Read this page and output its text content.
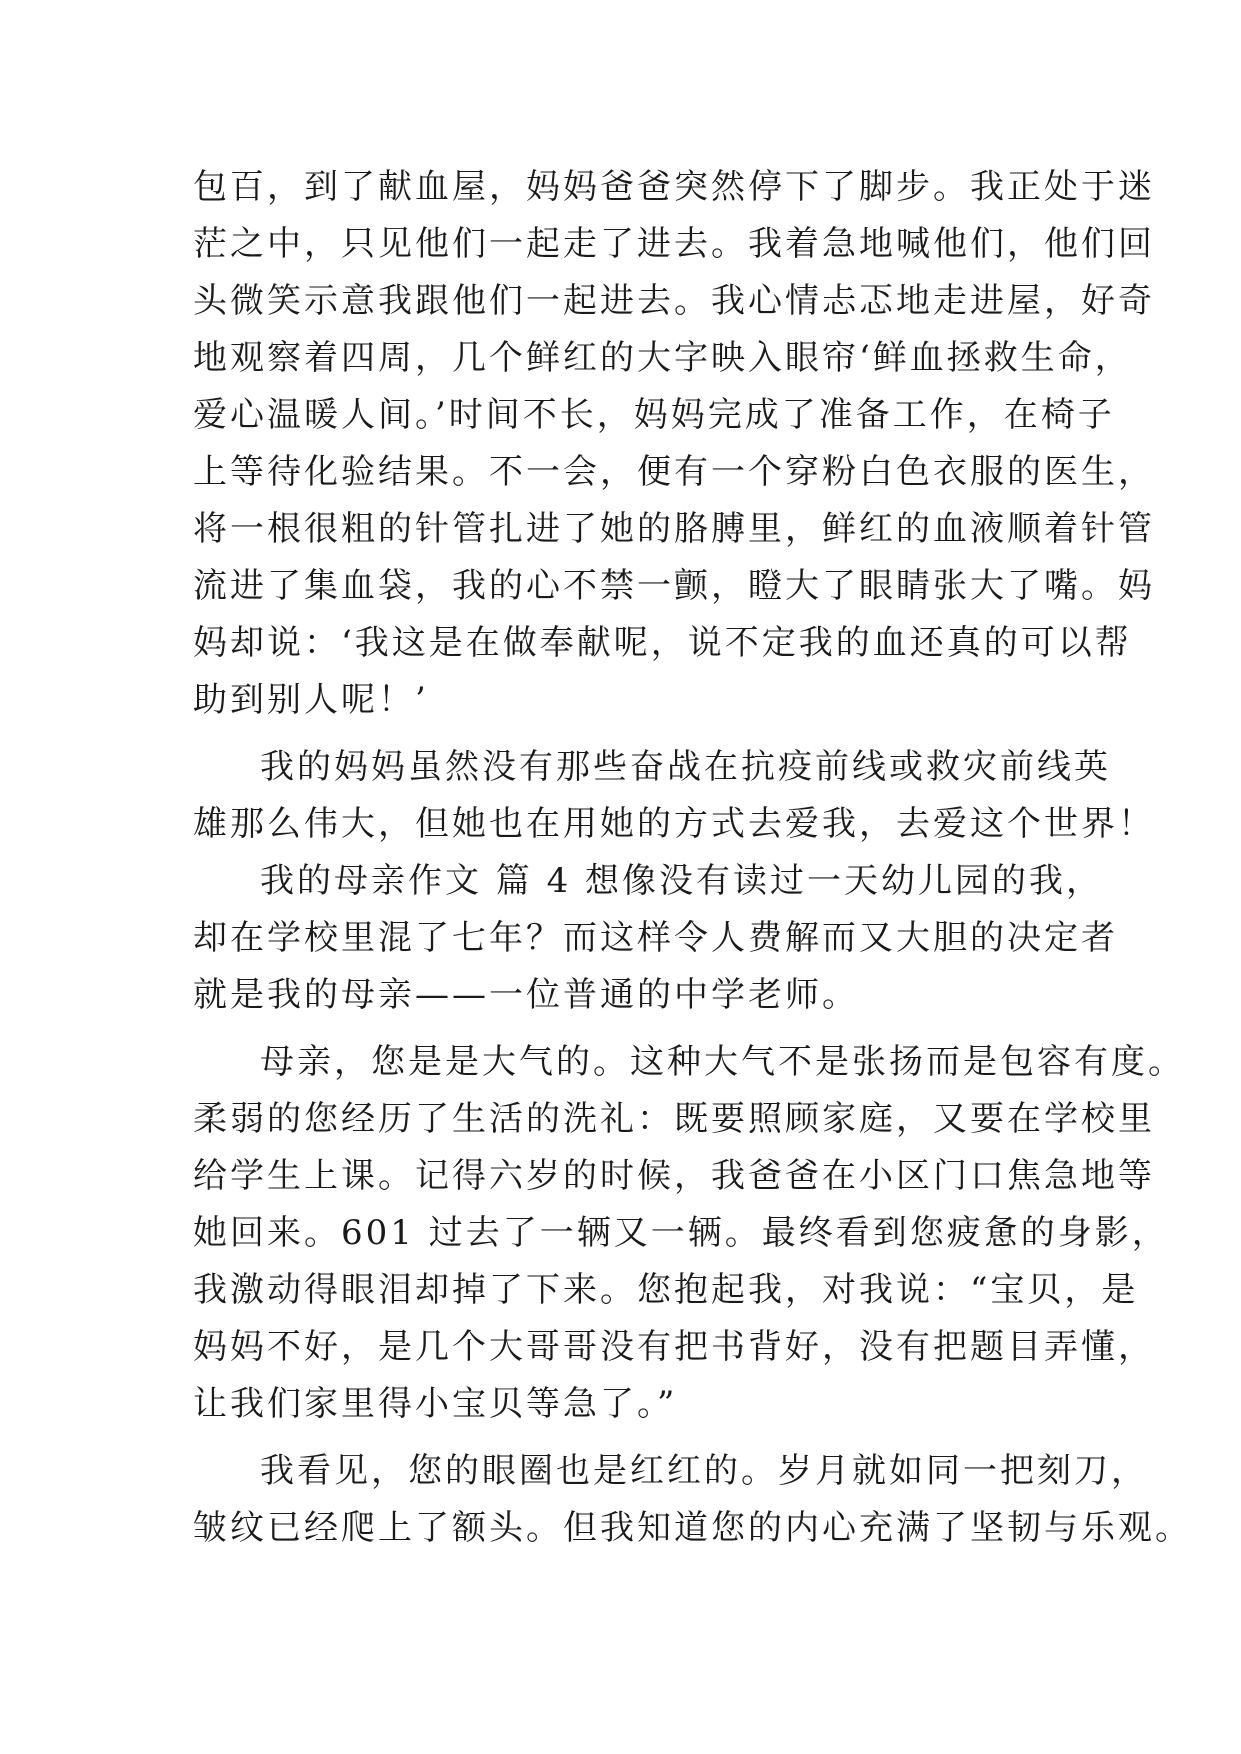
包百，到了献血屋，妈妈爸爸突然停下了脚步。我正处于迷
茫之中，只见他们一起走了进去。我着急地喊他们，他们回
头微笑示意我跟他们一起进去。我心情忐忑地走进屋，好奇
地观察着四周，几个鲜红的大字映入眼帘‘鲜血拯救生命，
爱心温暖人间。’时间不长，妈妈完成了准备工作，在椅子
上等待化验结果。不一会，便有一个穿粉白色衣服的医生，
将一根很粗的针管扎进了她的胳膊里，鲜红的血液顺着针管
流进了集血袋，我的心不禁一颤，瞪大了眼睛张大了嘴。妈
妈却说：‘我这是在做奉献呢，说不定我的血还真的可以帮
助到别人呢！’
我的妈妈虽然没有那些奋战在抗疫前线或救灾前线英
雄那么伟大，但她也在用她的方式去爱我，去爱这个世界！
我的母亲作文 篇 4 想像没有读过一天幼儿园的我，
却在学校里混了七年？而这样令人费解而又大胆的决定者
就是我的母亲——一位普通的中学老师。
母亲，您是是大气的。这种大气不是张扬而是包容有度。
柔弱的您经历了生活的洗礼：既要照顾家庭，又要在学校里
给学生上课。记得六岁的时候，我爸爸在小区门口焦急地等
她回来。601 过去了一辆又一辆。最终看到您疲惫的身影，
我激动得眼泪却掉了下来。您抱起我，对我说：“宝贝，是
妈妈不好，是几个大哥哥没有把书背好，没有把题目弄懂，
让我们家里得小宝贝等急了。”
我看见，您的眼圈也是红红的。岁月就如同一把刻刀，
皱纹已经爬上了额头。但我知道您的内心充满了坚韧与乐观。
